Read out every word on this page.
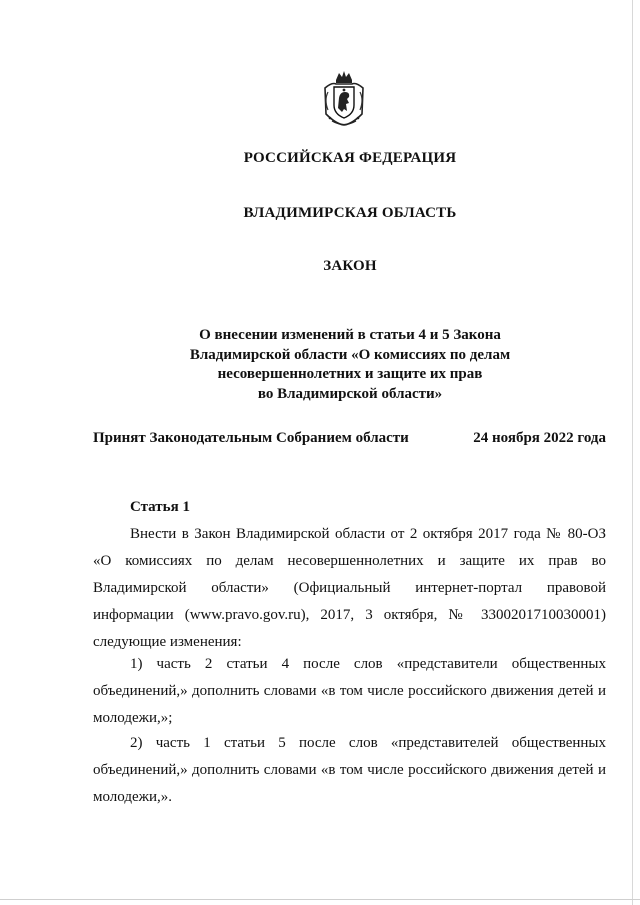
РОССИЙСКАЯ ФЕДЕРАЦИЯ
ВЛАДИМИРСКАЯ ОБЛАСТЬ
ЗАКОН
О внесении изменений в статьи 4 и 5 Закона
Владимирской области «О комиссиях по делам
несовершеннолетних и защите их прав
во Владимирской области»
Принят Законодательным Собранием области	24 ноября 2022 года
Статья 1

Внести в Закон Владимирской области от 2 октября 2017 года № 80-ОЗ «О комиссиях по делам несовершеннолетних и защите их прав во Владимирской области» (Официальный интернет-портал правовой информации (www.pravo.gov.ru), 2017, 3 октября, № 3300201710030001) следующие изменения:

1) часть 2 статьи 4 после слов «представители общественных объединений,» дополнить словами «в том числе российского движения детей и молодежи,»;

2) часть 1 статьи 5 после слов «представителей общественных объединений,» дополнить словами «в том числе российского движения детей и молодежи,».
